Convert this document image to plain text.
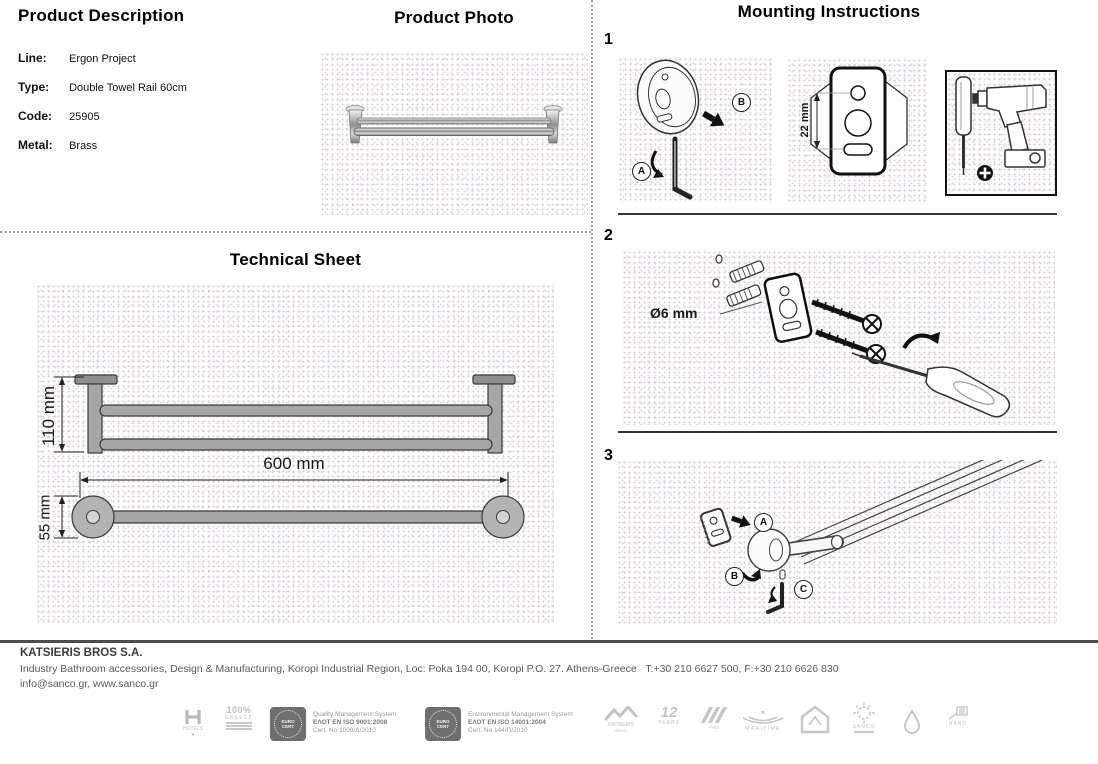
Product Description
Line: Ergon Project
Type: Double Towel Rail 60cm
Code: 25905
Metal: Brass
Product Photo
Technical Sheet
110 mm
600 mm
55 mm
Mounting Instructions
1
A
B
22 mm
2
Ø6 mm
3
A
B
C
KATSIERIS BROS S.A.
Industry Bathroom accessories, Design & Manufacturing, Koropi Industrial Region, Loc: Poka 194 00, Koropi P.O. 27. Athens-Greece   T:+30 210 6627 500, F:+30 210 6626 830
info@sanco.gr, www.sanco.gr
HOTELS
★
100%
GREECE
EURO CERT
Quality Management System
ΕΛΟΤ EN ISO 9001:2008
Cert. No 1008/Δ/2010
EURO CERT
Environmental Management System
ΕΛΟΤ EN ISO 14001:2004
Cert. No 144/Π/2010
KATSIERIS
BROS
12
YEARS
PRO
★
MARITIME	SANCO	NANO
